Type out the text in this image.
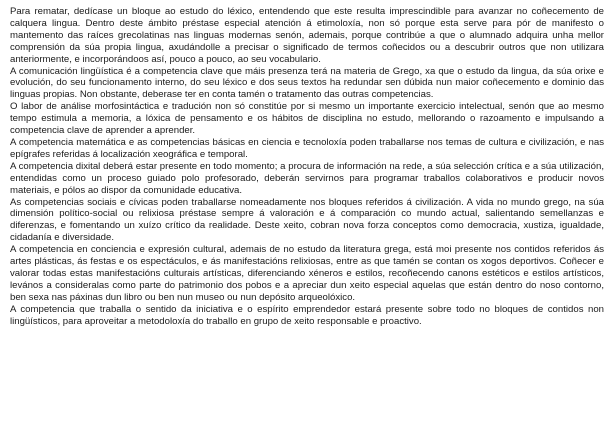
Para rematar, dedícase un bloque ao estudo do léxico, entendendo que este resulta imprescindible para avanzar no coñecemento de calquera lingua. Dentro deste ámbito préstase especial atención á etimoloxía, non só porque esta serve para pór de manifesto o mantemento das raíces grecolatinas nas linguas modernas senón, ademais, porque contribúe a que o alumnado adquira unha mellor comprensión da súa propia lingua, axudándolle a precisar o significado de termos coñecidos ou a descubrir outros que non utilizara anteriormente, e incorporándoos así, pouco a pouco, ao seu vocabulario.

A comunicación lingüística é a competencia clave que máis presenza terá na materia de Grego, xa que o estudo da lingua, da súa orixe e evolución, do seu funcionamento interno, do seu léxico e dos seus textos ha redundar sen dúbida nun maior coñecemento e dominio das linguas propias. Non obstante, deberase ter en conta tamén o tratamento das outras competencias.

O labor de análise morfosintáctica e tradución non só constitúe por si mesmo un importante exercicio intelectual, senón que ao mesmo tempo estimula a memoria, a lóxica de pensamento e os hábitos de disciplina no estudo, mellorando o razoamento e impulsando a competencia clave de aprender a aprender.

A competencia matemática e as competencias básicas en ciencia e tecnoloxía poden traballarse nos temas de cultura e civilización, e nas epígrafes referidas á localización xeográfica e temporal.

A competencia dixital deberá estar presente en todo momento; a procura de información na rede, a súa selección crítica e a súa utilización, entendidas como un proceso guiado polo profesorado, deberán servirnos para programar traballos colaborativos e producir novos materiais, e pólos ao dispor da comunidade educativa.

As competencias sociais e cívicas poden traballarse nomeadamente nos bloques referidos á civilización. A vida no mundo grego, na súa dimensión político-social ou relixiosa préstase sempre á valoración e á comparación co mundo actual, salientando semellanzas e diferenzas, e fomentando un xuízo crítico da realidade. Deste xeito, cobran nova forza conceptos como democracia, xustiza, igualdade, cidadanía e diversidade.

A competencia en conciencia e expresión cultural, ademais de no estudo da literatura grega, está moi presente nos contidos referidos ás artes plásticas, ás festas e os espectáculos, e ás manifestacións relixiosas, entre as que tamén se contan os xogos deportivos. Coñecer e valorar todas estas manifestacións culturais artísticas, diferenciando xéneros e estilos, recoñecendo canons estéticos e estilos artísticos, levános a consideralas como parte do patrimonio dos pobos e a apreciar dun xeito especial aquelas que están dentro do noso contorno, ben sexa nas páxinas dun libro ou ben nun museo ou nun depósito arqueolóxico.

A competencia que traballa o sentido da iniciativa e o espírito emprendedor estará presente sobre todo no bloques de contidos non lingüísticos, para aproveitar a metodoloxía do traballo en grupo de xeito responsable e proactivo.
